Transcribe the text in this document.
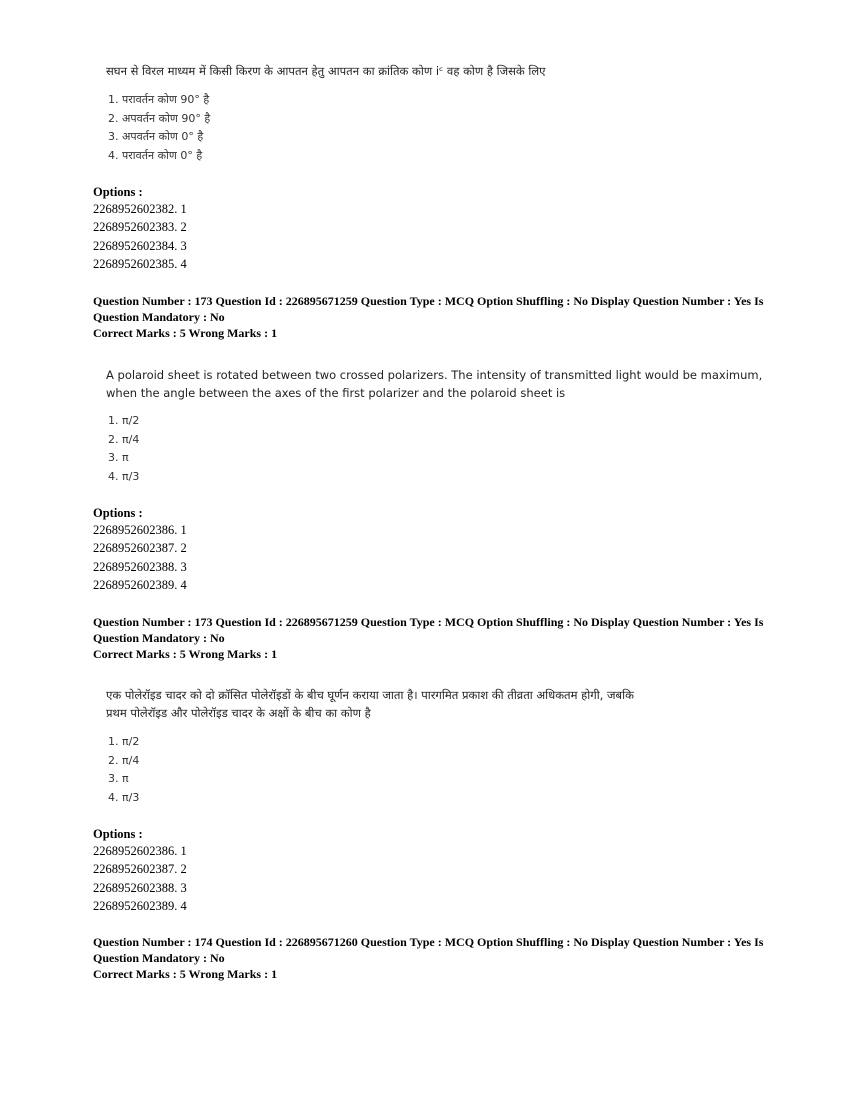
सघन से विरल माध्यम में किसी किरण के आपतन हेतु आपतन का क्रांतिक कोण iᶜ वह कोण है जिसके लिए
1. परावर्तन कोण 90° है
2. अपवर्तन कोण 90° है
3. अपवर्तन कोण 0° है
4. परावर्तन कोण 0° है
Options :
2268952602382. 1
2268952602383. 2
2268952602384. 3
2268952602385. 4
Question Number : 173 Question Id : 226895671259 Question Type : MCQ Option Shuffling : No Display Question Number : Yes Is
Question Mandatory : No
Correct Marks : 5 Wrong Marks : 1
A polaroid sheet is rotated between two crossed polarizers. The intensity of transmitted light would be maximum,
when the angle between the axes of the first polarizer and the polaroid sheet is
1. π/2
2. π/4
3. π
4. π/3
Options :
2268952602386. 1
2268952602387. 2
2268952602388. 3
2268952602389. 4
Question Number : 173 Question Id : 226895671259 Question Type : MCQ Option Shuffling : No Display Question Number : Yes Is
Question Mandatory : No
Correct Marks : 5 Wrong Marks : 1
एक पोलेरॉइड चादर को दो क्रॉसित पोलेरॉइडों के बीच घूर्णन कराया जाता है। पारगमित प्रकाश की तीव्रता अधिकतम होगी, जबकि
प्रथम पोलेरॉइड और पोलेरॉइड चादर के अक्षों के बीच का कोण है
1. π/2
2. π/4
3. π
4. π/3
Options :
2268952602386. 1
2268952602387. 2
2268952602388. 3
2268952602389. 4
Question Number : 174 Question Id : 226895671260 Question Type : MCQ Option Shuffling : No Display Question Number : Yes Is
Question Mandatory : No
Correct Marks : 5 Wrong Marks : 1
